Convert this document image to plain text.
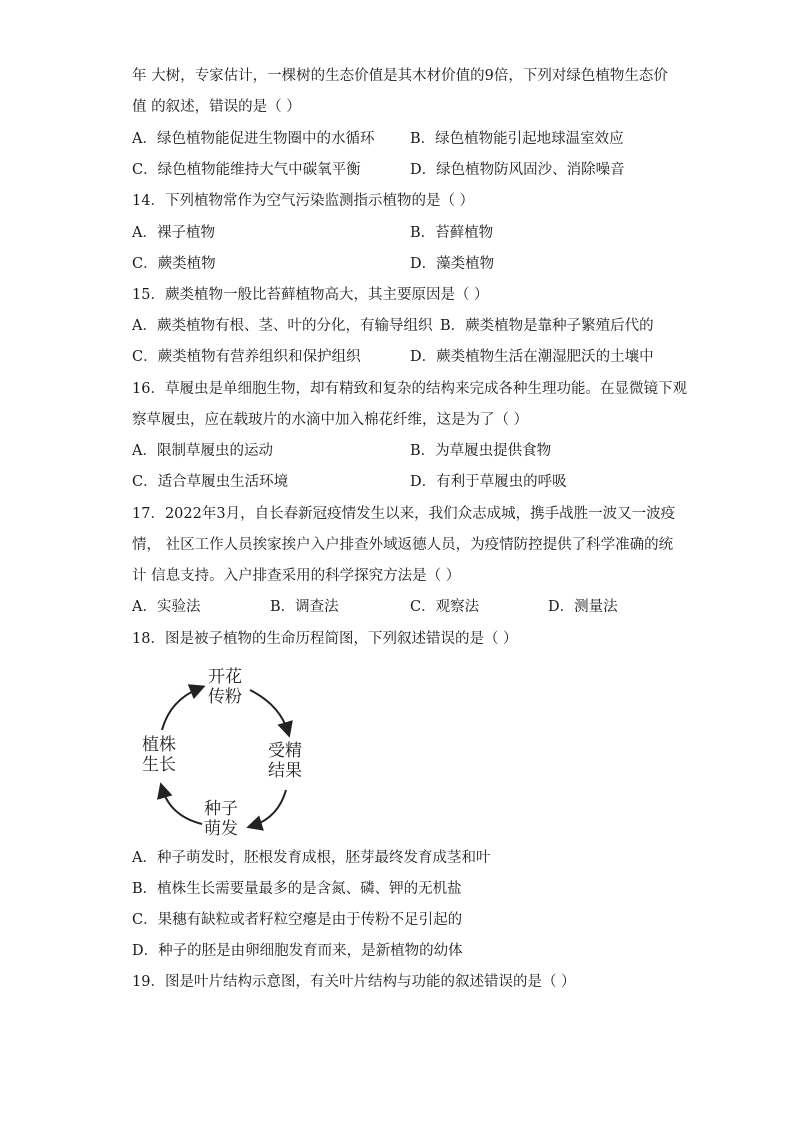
年 大树，专家估计，一棵树的生态价值是其木材价值的9倍，下列对绿色植物生态价
值 的叙述，错误的是（ ）
A．绿色植物能促进生物圈中的水循环 B．绿色植物能引起地球温室效应
C．绿色植物能维持大气中碳氧平衡	D．绿色植物防风固沙、消除噪音
14．下列植物常作为空气污染监测指示植物的是（ ）
A．裸子植物	B．苔藓植物
C．蕨类植物	D．藻类植物
15．蕨类植物一般比苔藓植物高大，其主要原因是（ ）
A．蕨类植物有根、茎、叶的分化，有输导组织 B．蕨类植物是靠种子繁殖后代的
C．蕨类植物有营养组织和保护组织	D．蕨类植物生活在潮湿肥沃的土壤中
16．草履虫是单细胞生物，却有精致和复杂的结构来完成各种生理功能。在显微镜下观
察草履虫，应在载玻片的水滴中加入棉花纤维，这是为了（ ）
A．限制草履虫的运动	B．为草履虫提供食物
C．适合草履虫生活环境	D．有利于草履虫的呼吸
17．2022年3月，自长春新冠疫情发生以来，我们众志成城，携手战胜一波又一波疫
情， 社区工作人员挨家挨户入户排查外域返德人员，为疫情防控提供了科学准确的统
计 信息支持。入户排查采用的科学探究方法是（ ）
A．实验法	B．调查法	C．观察法	D．测量法
18．图是被子植物的生命历程简图，下列叙述错误的是（ ）
开花
传粉
受精
结果
种子
萌发
植株
生长
A．种子萌发时，胚根发育成根，胚芽最终发育成茎和叶
B．植株生长需要量最多的是含氮、磷、钾的无机盐
C．果穗有缺粒或者籽粒空瘪是由于传粉不足引起的
D．种子的胚是由卵细胞发育而来，是新植物的幼体
19．图是叶片结构示意图，有关叶片结构与功能的叙述错误的是（ ）
